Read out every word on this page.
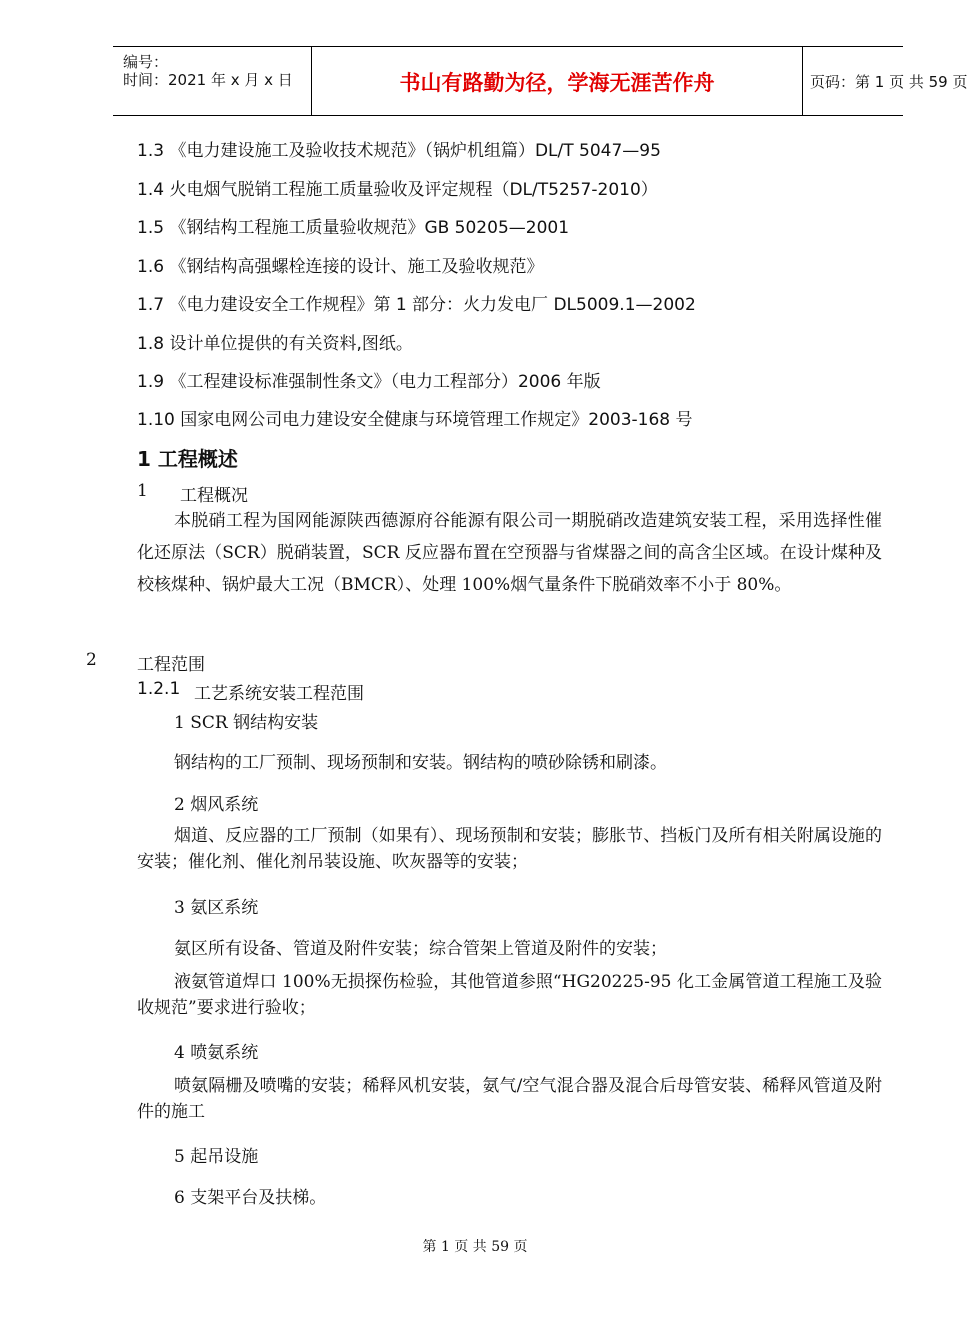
编号：
时间：2021 年 x 月 x 日	书山有路勤为径，学海无涯苦作舟	页码：第 1 页 共 59 页
1.3 《电力建设施工及验收技术规范》（锅炉机组篇）DL/T 5047—95
1.4 火电烟气脱销工程施工质量验收及评定规程（DL/T5257-2010）
1.5 《钢结构工程施工质量验收规范》GB 50205—2001
1.6 《钢结构高强螺栓连接的设计、施工及验收规范》
1.7 《电力建设安全工作规程》第 1 部分：火力发电厂 DL5009.1—2002
1.8 设计单位提供的有关资料,图纸。
1.9 《工程建设标准强制性条文》（电力工程部分）2006 年版
1.10 国家电网公司电力建设安全健康与环境管理工作规定》2003-168 号
1 工程概述
1 工程概况
本脱硝工程为国网能源陕西德源府谷能源有限公司一期脱硝改造建筑安装工程，采用选择性催化还原法（SCR）脱硝装置，SCR 反应器布置在空预器与省煤器之间的高含尘区域。在设计煤种及校核煤种、锅炉最大工况（BMCR）、处理 100%烟气量条件下脱硝效率不小于 80%。
2 工程范围
1.2.1 工艺系统安装工程范围
1 SCR 钢结构安装
钢结构的工厂预制、现场预制和安装。钢结构的喷砂除锈和刷漆。
2 烟风系统
烟道、反应器的工厂预制（如果有）、现场预制和安装；膨胀节、挡板门及所有相关附属设施的安装；催化剂、催化剂吊装设施、吹灰器等的安装；
3 氨区系统
氨区所有设备、管道及附件安装；综合管架上管道及附件的安装；
液氨管道焊口 100%无损探伤检验，其他管道参照“HG20225-95 化工金属管道工程施工及验收规范”要求进行验收；
4 喷氨系统
喷氨隔栅及喷嘴的安装；稀释风机安装，氨气/空气混合器及混合后母管安装、稀释风管道及附件的施工
5 起吊设施
6 支架平台及扶梯。
第 1 页 共 59 页
